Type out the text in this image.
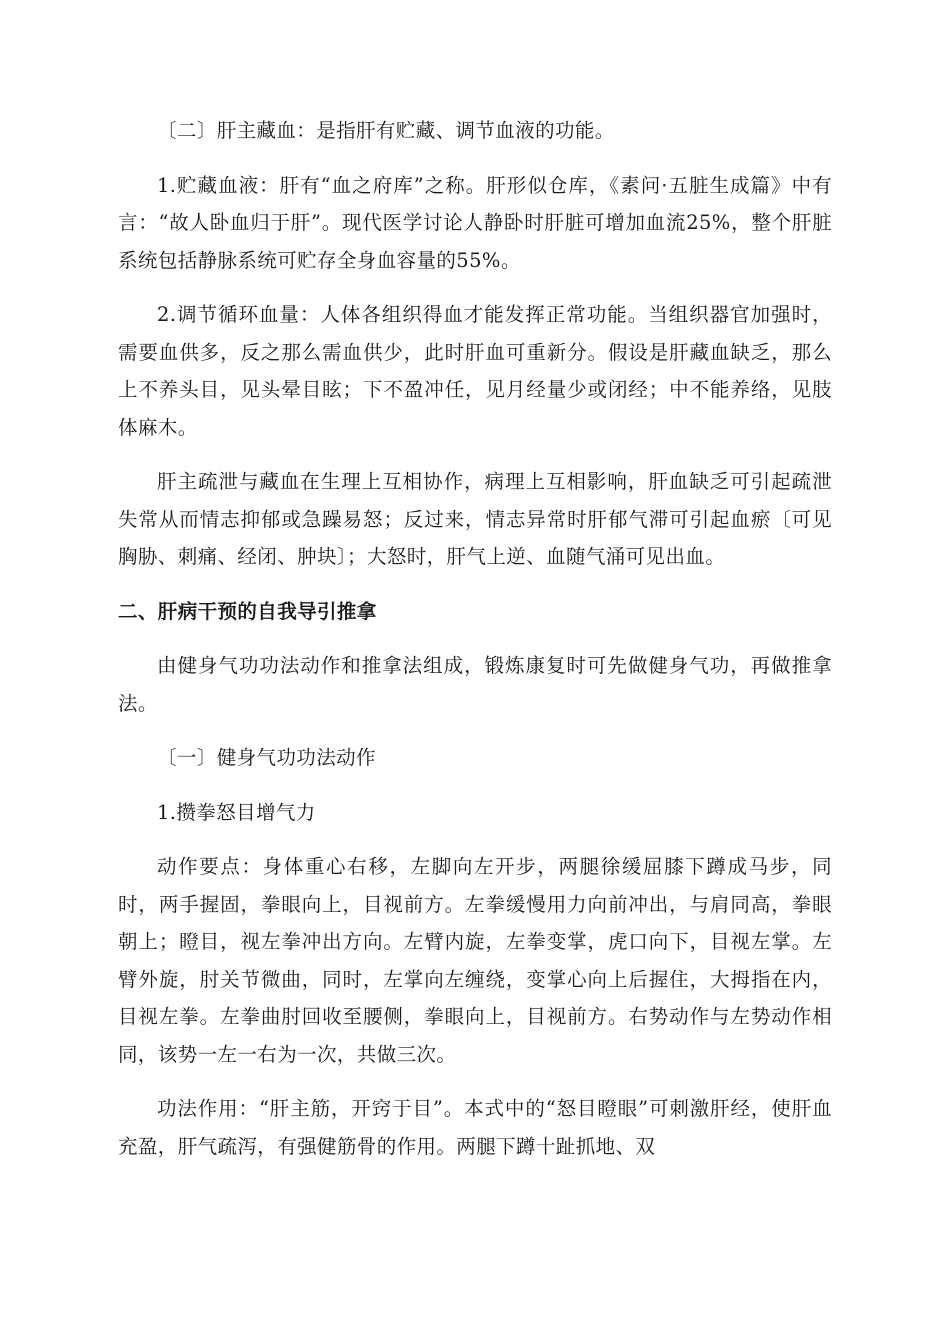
〔二〕肝主藏血：是指肝有贮藏、调节血液的功能。

1.贮藏血液：肝有“血之府库”之称。肝形似仓库，《素问·五脏生成篇》中有言：“故人卧血归于肝”。现代医学讨论人静卧时肝脏可增加血流25%，整个肝脏系统包括静脉系统可贮存全身血容量的55%。

2.调节循环血量：人体各组织得血才能发挥正常功能。当组织器官加强时，需要血供多，反之那么需血供少，此时肝血可重新分。假设是肝藏血缺乏，那么上不养头目，见头晕目眩；下不盈冲任，见月经量少或闭经；中不能养络，见肢体麻木。

肝主疏泄与藏血在生理上互相协作，病理上互相影响，肝血缺乏可引起疏泄失常从而情志抑郁或急躁易怒；反过来，情志异常时肝郁气滞可引起血瘀〔可见胸胁、刺痛、经闭、肿块〕；大怒时，肝气上逆、血随气涌可见出血。

二、肝病干预的自我导引推拿

由健身气功功法动作和推拿法组成，锻炼康复时可先做健身气功，再做推拿法。

〔一〕健身气功功法动作

1.攒拳怒目增气力

动作要点：身体重心右移，左脚向左开步，两腿徐缓屈膝下蹲成马步，同时，两手握固，拳眼向上，目视前方。左拳缓慢用力向前冲出，与肩同高，拳眼朝上；瞪目，视左拳冲出方向。左臂内旋，左拳变掌，虎口向下，目视左掌。左臂外旋，肘关节微曲，同时，左掌向左缠绕，变掌心向上后握住，大拇指在内，目视左拳。左拳曲肘回收至腰侧，拳眼向上，目视前方。右势动作与左势动作相同，该势一左一右为一次，共做三次。

功法作用：“肝主筋，开窍于目”。本式中的“怒目瞪眼”可刺激肝经，使肝血充盈，肝气疏泻，有强健筋骨的作用。两腿下蹲十趾抓地、双
